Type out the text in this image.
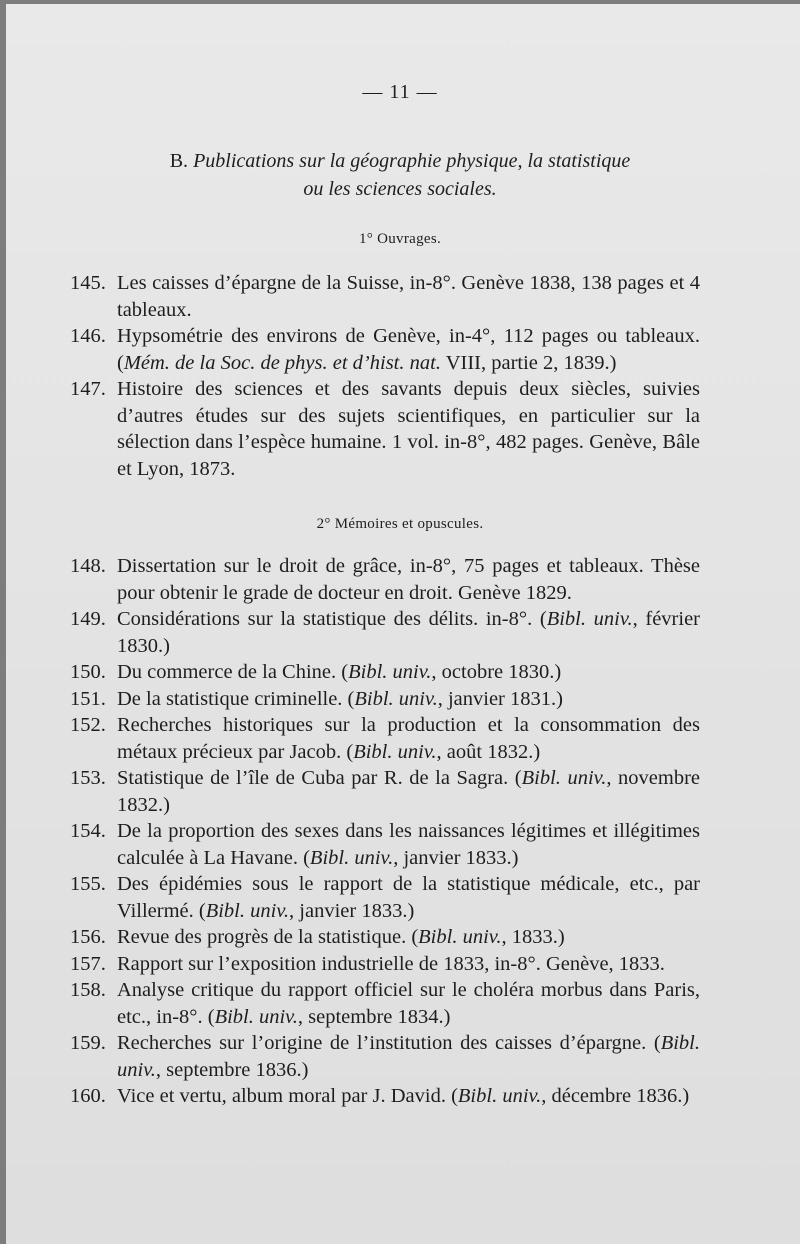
— 11 —
B. Publications sur la géographie physique, la statistique
ou les sciences sociales.
1° Ouvrages.
145. Les caisses d’épargne de la Suisse, in-8°. Genève 1838, 138 pages et 4 tableaux.
146. Hypsométrie des environs de Genève, in-4°, 112 pages ou tableaux. (Mém. de la Soc. de phys. et d’hist. nat. VIII, partie 2, 1839.)
147. Histoire des sciences et des savants depuis deux siècles, suivies d’autres études sur des sujets scientifiques, en particulier sur la sélection dans l’espèce humaine. 1 vol. in-8°, 482 pages. Genève, Bâle et Lyon, 1873.
2° Mémoires et opuscules.
148. Dissertation sur le droit de grâce, in-8°, 75 pages et tableaux. Thèse pour obtenir le grade de docteur en droit. Genève 1829.
149. Considérations sur la statistique des délits. in-8°. (Bibl. univ., février 1830.)
150. Du commerce de la Chine. (Bibl. univ., octobre 1830.)
151. De la statistique criminelle. (Bibl. univ., janvier 1831.)
152. Recherches historiques sur la production et la consommation des métaux précieux par Jacob. (Bibl. univ., août 1832.)
153. Statistique de l’île de Cuba par R. de la Sagra. (Bibl. univ., novembre 1832.)
154. De la proportion des sexes dans les naissances légitimes et illégitimes calculée à La Havane. (Bibl. univ., janvier 1833.)
155. Des épidémies sous le rapport de la statistique médicale, etc., par Villermé. (Bibl. univ., janvier 1833.)
156. Revue des progrès de la statistique. (Bibl. univ., 1833.)
157. Rapport sur l’exposition industrielle de 1833, in-8°. Genève, 1833.
158. Analyse critique du rapport officiel sur le choléra morbus dans Paris, etc., in-8°. (Bibl. univ., septembre 1834.)
159. Recherches sur l’origine de l’institution des caisses d’épargne. (Bibl. univ., septembre 1836.)
160. Vice et vertu, album moral par J. David. (Bibl. univ., décembre 1836.)
